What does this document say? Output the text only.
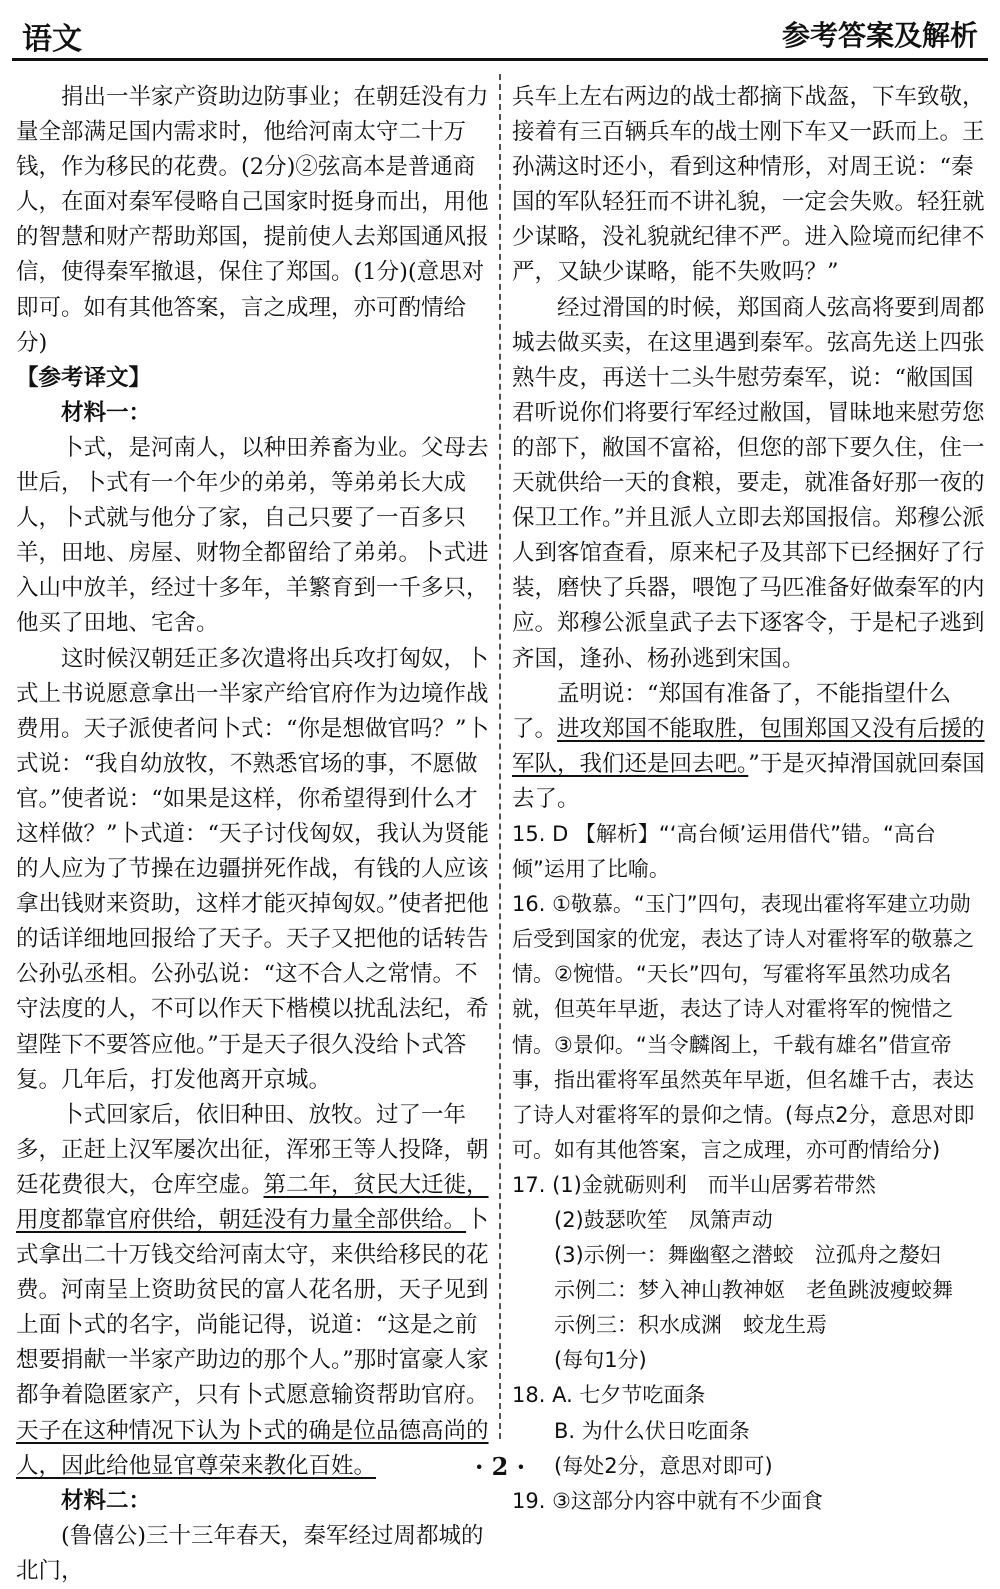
语文	参考答案及解析

捐出一半家产资助边防事业；在朝廷没有力量全部满足国内需求时，他给河南太守二十万钱，作为移民的花费。(2分)②弦高本是普通商人，在面对秦军侵略自己国家时挺身而出，用他的智慧和财产帮助郑国，提前使人去郑国通风报信，使得秦军撤退，保住了郑国。(1分)(意思对即可。如有其他答案，言之成理，亦可酌情给分)

【参考译文】

材料一：

卜式，是河南人，以种田养畜为业。父母去世后，卜式有一个年少的弟弟，等弟弟长大成人，卜式就与他分了家，自己只要了一百多只羊，田地、房屋、财物全都留给了弟弟。卜式进入山中放羊，经过十多年，羊繁育到一千多只，他买了田地、宅舍。

这时候汉朝廷正多次遣将出兵攻打匈奴，卜式上书说愿意拿出一半家产给官府作为边境作战费用。天子派使者问卜式：“你是想做官吗？”卜式说：“我自幼放牧，不熟悉官场的事，不愿做官。”使者说：“如果是这样，你希望得到什么才这样做？”卜式道：“天子讨伐匈奴，我认为贤能的人应为了节操在边疆拼死作战，有钱的人应该拿出钱财来资助，这样才能灭掉匈奴。”使者把他的话详细地回报给了天子。天子又把他的话转告公孙弘丞相。公孙弘说：“这不合人之常情。不守法度的人，不可以作天下楷模以扰乱法纪，希望陛下不要答应他。”于是天子很久没给卜式答复。几年后，打发他离开京城。

卜式回家后，依旧种田、放牧。过了一年多，正赶上汉军屡次出征，浑邪王等人投降，朝廷花费很大，仓库空虚。第二年，贫民大迁徙，用度都靠官府供给，朝廷没有力量全部供给。卜式拿出二十万钱交给河南太守，来供给移民的花费。河南呈上资助贫民的富人花名册，天子见到上面卜式的名字，尚能记得，说道：“这是之前想要捐献一半家产助边的那个人。”那时富豪人家都争着隐匿家产，只有卜式愿意输资帮助官府。天子在这种情况下认为卜式的确是位品德高尚的人，因此给他显官尊荣来教化百姓。

材料二：

(鲁僖公)三十三年春天，秦军经过周都城的北门，

兵车上左右两边的战士都摘下战盔，下车致敬，接着有三百辆兵车的战士刚下车又一跃而上。王孙满这时还小，看到这种情形，对周王说：“秦国的军队轻狂而不讲礼貌，一定会失败。轻狂就少谋略，没礼貌就纪律不严。进入险境而纪律不严，又缺少谋略，能不失败吗？”

经过滑国的时候，郑国商人弦高将要到周都城去做买卖，在这里遇到秦军。弦高先送上四张熟牛皮，再送十二头牛慰劳秦军，说：“敝国国君听说你们将要行军经过敝国，冒昧地来慰劳您的部下，敝国不富裕，但您的部下要久住，住一天就供给一天的食粮，要走，就准备好那一夜的保卫工作。”并且派人立即去郑国报信。郑穆公派人到客馆查看，原来杞子及其部下已经捆好了行装，磨快了兵器，喂饱了马匹准备好做秦军的内应。郑穆公派皇武子去下逐客令，于是杞子逃到齐国，逢孙、杨孙逃到宋国。

孟明说：“郑国有准备了，不能指望什么了。进攻郑国不能取胜，包围郑国又没有后援的军队，我们还是回去吧。”于是灭掉滑国就回秦国去了。

15. D 【解析】“‘高台倾’运用借代”错。“高台倾”运用了比喻。

16. ①敬慕。“玉门”四句，表现出霍将军建立功勋后受到国家的优宠，表达了诗人对霍将军的敬慕之情。②惋惜。“天长”四句，写霍将军虽然功成名就，但英年早逝，表达了诗人对霍将军的惋惜之情。③景仰。“当令麟阁上，千载有雄名”借宣帝事，指出霍将军虽然英年早逝，但名雄千古，表达了诗人对霍将军的景仰之情。(每点2分，意思对即可。如有其他答案，言之成理，亦可酌情给分)

17. (1)金就砺则利　而半山居雾若带然

(2)鼓瑟吹笙　凤箫声动

(3)示例一：舞幽壑之潜蛟　泣孤舟之嫠妇

示例二：梦入神山教神妪　老鱼跳波瘦蛟舞

示例三：积水成渊　蛟龙生焉

(每句1分)

18. A. 七夕节吃面条

B. 为什么伏日吃面条

(每处2分，意思对即可)

19. ③这部分内容中就有不少面食

· 2 ·
